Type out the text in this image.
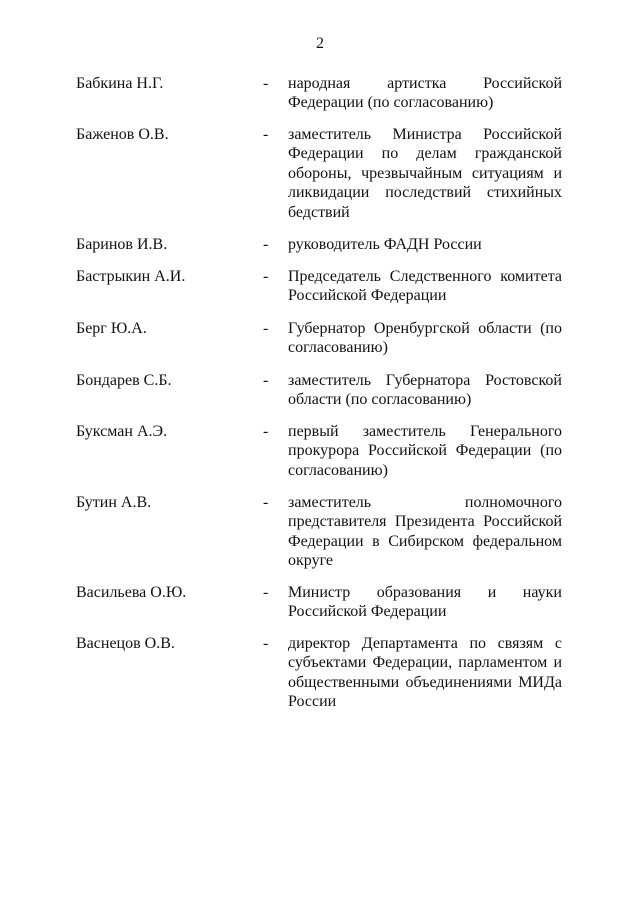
2
Бабкина Н.Г.	- народная артистка Российской Федерации (по согласованию)
Баженов О.В.	- заместитель Министра Российской Федерации по делам гражданской обороны, чрезвычайным ситуациям и ликвидации последствий стихийных бедствий
Баринов И.В.	- руководитель ФАДН России
Бастрыкин А.И.	- Председатель Следственного комитета Российской Федерации
Берг Ю.А.	- Губернатор Оренбургской области (по согласованию)
Бондарев С.Б.	- заместитель Губернатора Ростовской области (по согласованию)
Буксман А.Э.	- первый заместитель Генерального прокурора Российской Федерации (по согласованию)
Бутин А.В.	- заместитель полномочного представителя Президента Российской Федерации в Сибирском федеральном округе
Васильева О.Ю.	- Министр образования и науки Российской Федерации
Васнецов О.В.	- директор Департамента по связям с субъектами Федерации, парламентом и общественными объединениями МИДа России
